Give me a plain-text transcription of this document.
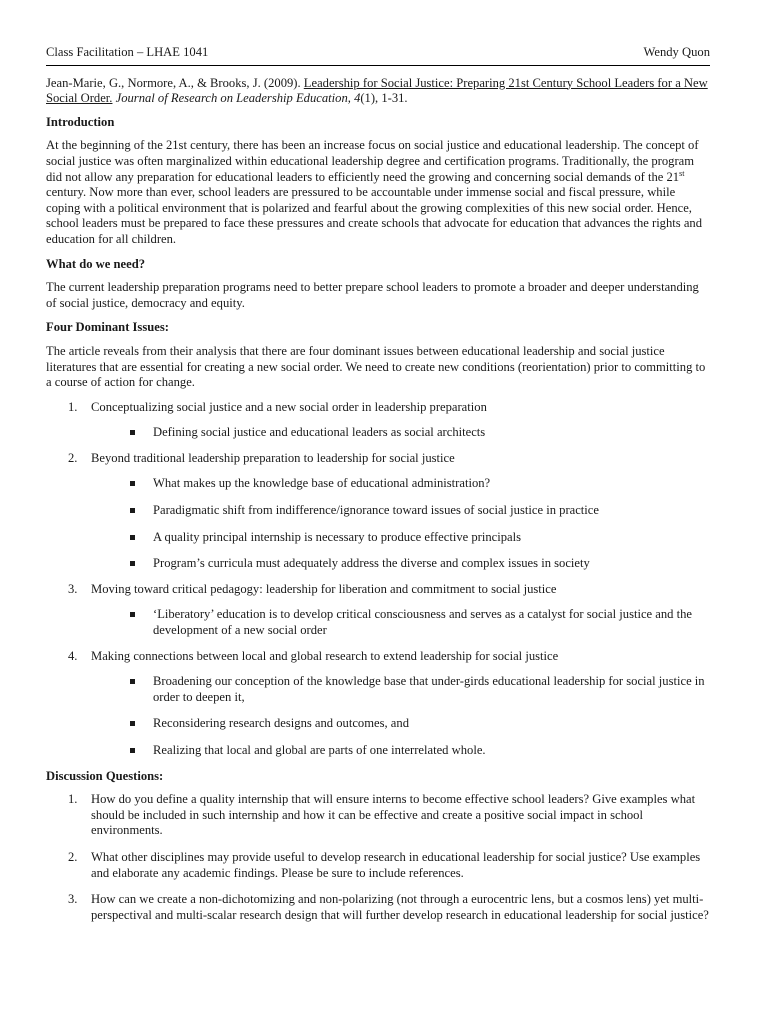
Class Facilitation – LHAE 1041	Wendy Quon

Jean-Marie, G., Normore, A., & Brooks, J. (2009). Leadership for Social Justice: Preparing 21st Century School Leaders for a New Social Order. Journal of Research on Leadership Education, 4(1), 1-31.

Introduction

At the beginning of the 21st century, there has been an increase focus on social justice and educational leadership. The concept of social justice was often marginalized within educational leadership degree and certification programs. Traditionally, the program did not allow any preparation for educational leaders to efficiently need the growing and concerning social demands of the 21st century. Now more than ever, school leaders are pressured to be accountable under immense social and fiscal pressure, while coping with a political environment that is polarized and fearful about the growing complexities of this new social order. Hence, school leaders must be prepared to face these pressures and create schools that advocate for education that advances the rights and education for all children.

What do we need?

The current leadership preparation programs need to better prepare school leaders to promote a broader and deeper understanding of social justice, democracy and equity.

Four Dominant Issues:

The article reveals from their analysis that there are four dominant issues between educational leadership and social justice literatures that are essential for creating a new social order. We need to create new conditions (reorientation) prior to committing to a course of action for change.

1. Conceptualizing social justice and a new social order in leadership preparation
Defining social justice and educational leaders as social architects
2. Beyond traditional leadership preparation to leadership for social justice
What makes up the knowledge base of educational administration?
Paradigmatic shift from indifference/ignorance toward issues of social justice in practice
A quality principal internship is necessary to produce effective principals
Program’s curricula must adequately address the diverse and complex issues in society
3. Moving toward critical pedagogy: leadership for liberation and commitment to social justice
‘Liberatory’ education is to develop critical consciousness and serves as a catalyst for social justice and the development of a new social order
4. Making connections between local and global research to extend leadership for social justice
Broadening our conception of the knowledge base that under-girds educational leadership for social justice in order to deepen it,
Reconsidering research designs and outcomes, and
Realizing that local and global are parts of one interrelated whole.
Discussion Questions:
1. How do you define a quality internship that will ensure interns to become effective school leaders? Give examples what should be included in such internship and how it can be effective and create a positive social impact in school environments.
2. What other disciplines may provide useful to develop research in educational leadership for social justice? Use examples and elaborate any academic findings. Please be sure to include references.
3. How can we create a non-dichotomizing and non-polarizing (not through a eurocentric lens, but a cosmos lens) yet multi-perspectival and multi-scalar research design that will further develop research in educational leadership for social justice?
